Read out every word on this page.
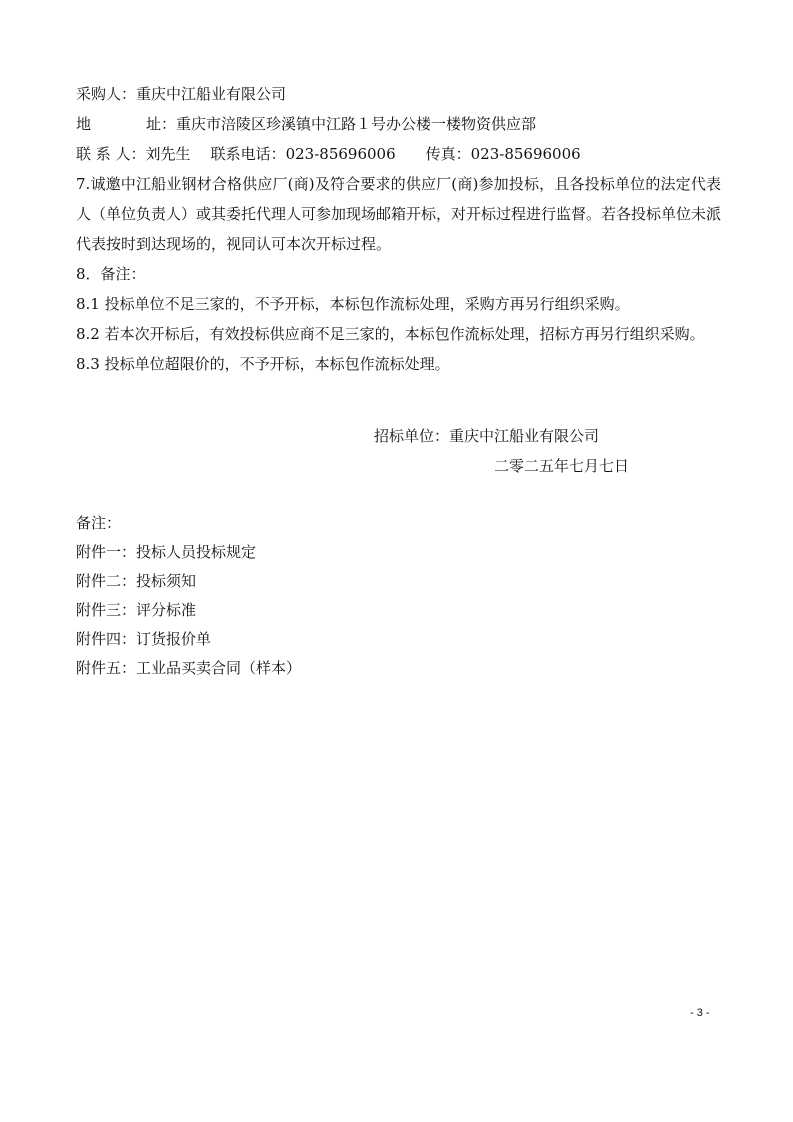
采购人：重庆中江船业有限公司
地	址：重庆市涪陵区珍溪镇中江路１号办公楼一楼物资供应部
联 系 人：刘先生 联系电话：023-85696006 传真：023-85696006
7.诚邀中江船业钢材合格供应厂(商)及符合要求的供应厂(商)参加投标，且各投标单位的法定代表人（单位负责人）或其委托代理人可参加现场邮箱开标，对开标过程进行监督。若各投标单位未派代表按时到达现场的，视同认可本次开标过程。
8．备注：
8.1 投标单位不足三家的，不予开标，本标包作流标处理，采购方再另行组织采购。
8.2 若本次开标后，有效投标供应商不足三家的，本标包作流标处理，招标方再另行组织采购。
8.3 投标单位超限价的，不予开标，本标包作流标处理。
招标单位：重庆中江船业有限公司
二零二五年七月七日
备注：
附件一：投标人员投标规定
附件二：投标须知
附件三：评分标准
附件四：订货报价单
附件五：工业品买卖合同（样本）
- 3 -
